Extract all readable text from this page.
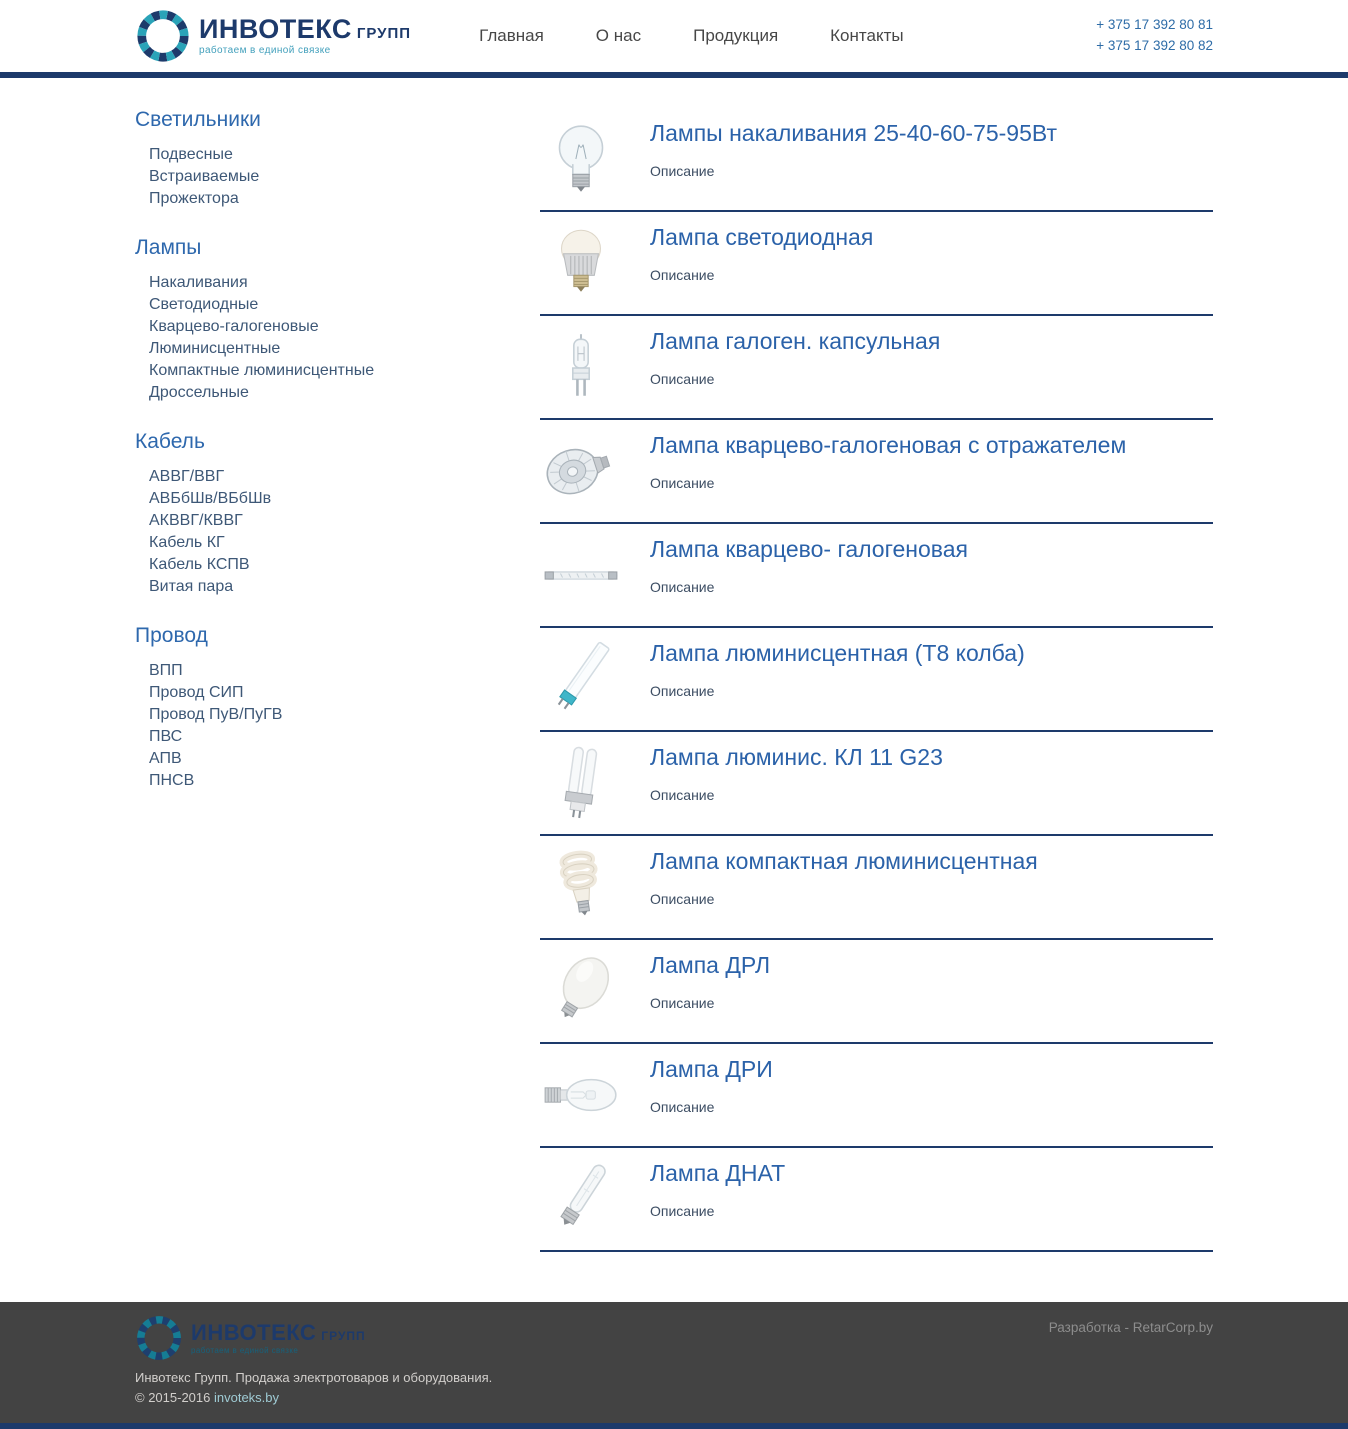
ИНВОТЕКС ГРУПП
работаем в единой связке
Главная	О нас	Продукция	Контакты
+ 375 17 392 80 81
+ 375 17 392 80 82
Светильники
Подвесные
Встраиваемые
Прожектора
Лампы
Накаливания
Светодиодные
Кварцево-галогеновые
Люминисцентные
Компактные люминисцентные
Дроссельные
Кабель
АВВГ/ВВГ
АВБбШв/ВБбШв
АКВВГ/КВВГ
Кабель КГ
Кабель КСПВ
Витая пара
Провод
ВПП
Провод СИП
Провод ПуВ/ПуГВ
ПВС
АПВ
ПНСВ
Лампы накаливания 25-40-60-75-95Вт
Описание
Лампа светодиодная
Описание
Лампа галоген. капсульная
Описание
Лампа кварцево-галогеновая с отражателем
Описание
Лампа кварцево- галогеновая
Описание
Лампа люминисцентная (Т8 колба)
Описание
Лампа люминис. КЛ 11 G23
Описание
Лампа компактная люминисцентная
Описание
Лампа ДРЛ
Описание
Лампа ДРИ
Описание
Лампа ДНАТ
Описание
ИНВОТЕКС ГРУПП
работаем в единой связке
Инвотекс Групп. Продажа электротоваров и оборудования.
© 2015-2016 invoteks.by
Разработка - RetarCorp.by
